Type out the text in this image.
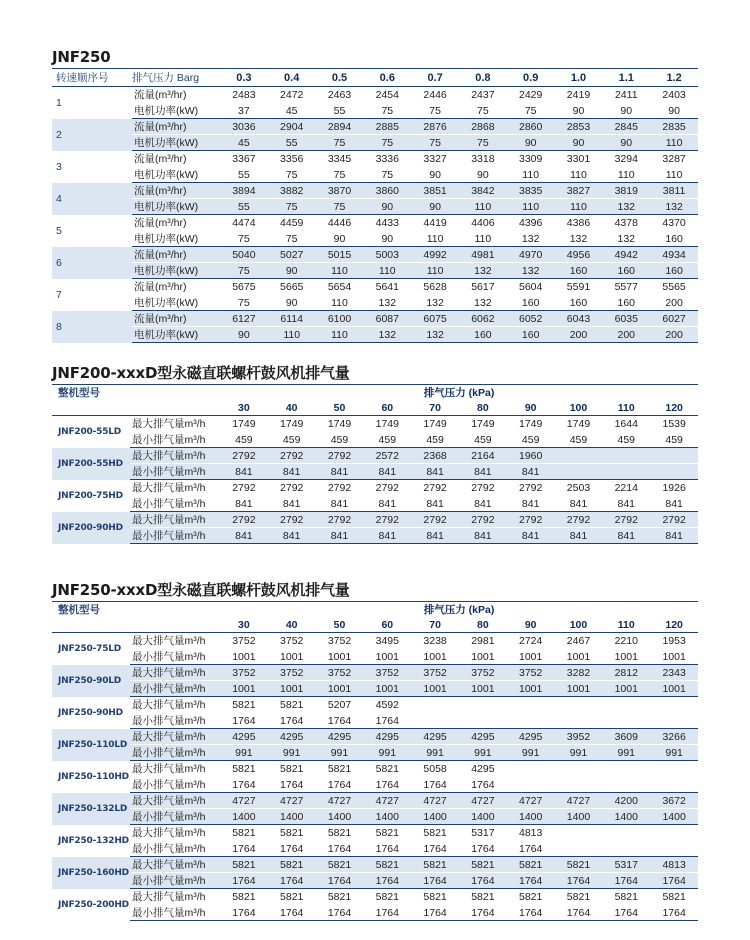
JNF250
转速顺序号	排气压力 Barg	0.3	0.4	0.5	0.6	0.7	0.8	0.9	1.0	1.1	1.2
1	流量(m³/hr)	2483	2472	2463	2454	2446	2437	2429	2419	2411	2403
	电机功率(kW)	37	45	55	75	75	75	75	90	90	90
2	流量(m³/hr)	3036	2904	2894	2885	2876	2868	2860	2853	2845	2835
	电机功率(kW)	45	55	75	75	75	75	90	90	90	110
3	流量(m³/hr)	3367	3356	3345	3336	3327	3318	3309	3301	3294	3287
	电机功率(kW)	55	75	75	75	90	90	110	110	110	110
4	流量(m³/hr)	3894	3882	3870	3860	3851	3842	3835	3827	3819	3811
	电机功率(kW)	55	75	75	90	90	110	110	110	132	132
5	流量(m³/hr)	4474	4459	4446	4433	4419	4406	4396	4386	4378	4370
	电机功率(kW)	75	75	90	90	110	110	132	132	132	160
6	流量(m³/hr)	5040	5027	5015	5003	4992	4981	4970	4956	4942	4934
	电机功率(kW)	75	90	110	110	110	132	132	160	160	160
7	流量(m³/hr)	5675	5665	5654	5641	5628	5617	5604	5591	5577	5565
	电机功率(kW)	75	90	110	132	132	132	160	160	160	200
8	流量(m³/hr)	6127	6114	6100	6087	6075	6062	6052	6043	6035	6027
	电机功率(kW)	90	110	110	132	132	160	160	200	200	200
JNF200-xxxD型永磁直联螺杆鼓风机排气量
整机型号		排气压力 (kPa)									
		30	40	50	60	70	80	90	100	110	120
JNF200-55LD	最大排气量m³/h	1749	1749	1749	1749	1749	1749	1749	1749	1644	1539
	最小排气量m³/h	459	459	459	459	459	459	459	459	459	459
JNF200-55HD	最大排气量m³/h	2792	2792	2792	2572	2368	2164	1960			
	最小排气量m³/h	841	841	841	841	841	841	841			
JNF200-75HD	最大排气量m³/h	2792	2792	2792	2792	2792	2792	2792	2503	2214	1926
	最小排气量m³/h	841	841	841	841	841	841	841	841	841	841
JNF200-90HD	最大排气量m³/h	2792	2792	2792	2792	2792	2792	2792	2792	2792	2792
	最小排气量m³/h	841	841	841	841	841	841	841	841	841	841
JNF250-xxxD型永磁直联螺杆鼓风机排气量
整机型号		排气压力 (kPa)									
		30	40	50	60	70	80	90	100	110	120
JNF250-75LD	最大排气量m³/h	3752	3752	3752	3495	3238	2981	2724	2467	2210	1953
	最小排气量m³/h	1001	1001	1001	1001	1001	1001	1001	1001	1001	1001
JNF250-90LD	最大排气量m³/h	3752	3752	3752	3752	3752	3752	3752	3282	2812	2343
	最小排气量m³/h	1001	1001	1001	1001	1001	1001	1001	1001	1001	1001
JNF250-90HD	最大排气量m³/h	5821	5821	5207	4592						
	最小排气量m³/h	1764	1764	1764	1764						
JNF250-110LD	最大排气量m³/h	4295	4295	4295	4295	4295	4295	4295	3952	3609	3266
	最小排气量m³/h	991	991	991	991	991	991	991	991	991	991
JNF250-110HD	最大排气量m³/h	5821	5821	5821	5821	5058	4295				
	最小排气量m³/h	1764	1764	1764	1764	1764	1764				
JNF250-132LD	最大排气量m³/h	4727	4727	4727	4727	4727	4727	4727	4727	4200	3672
	最小排气量m³/h	1400	1400	1400	1400	1400	1400	1400	1400	1400	1400
JNF250-132HD	最大排气量m³/h	5821	5821	5821	5821	5821	5317	4813			
	最小排气量m³/h	1764	1764	1764	1764	1764	1764	1764			
JNF250-160HD	最大排气量m³/h	5821	5821	5821	5821	5821	5821	5821	5821	5317	4813
	最小排气量m³/h	1764	1764	1764	1764	1764	1764	1764	1764	1764	1764
JNF250-200HD	最大排气量m³/h	5821	5821	5821	5821	5821	5821	5821	5821	5821	5821
	最小排气量m³/h	1764	1764	1764	1764	1764	1764	1764	1764	1764	1764
